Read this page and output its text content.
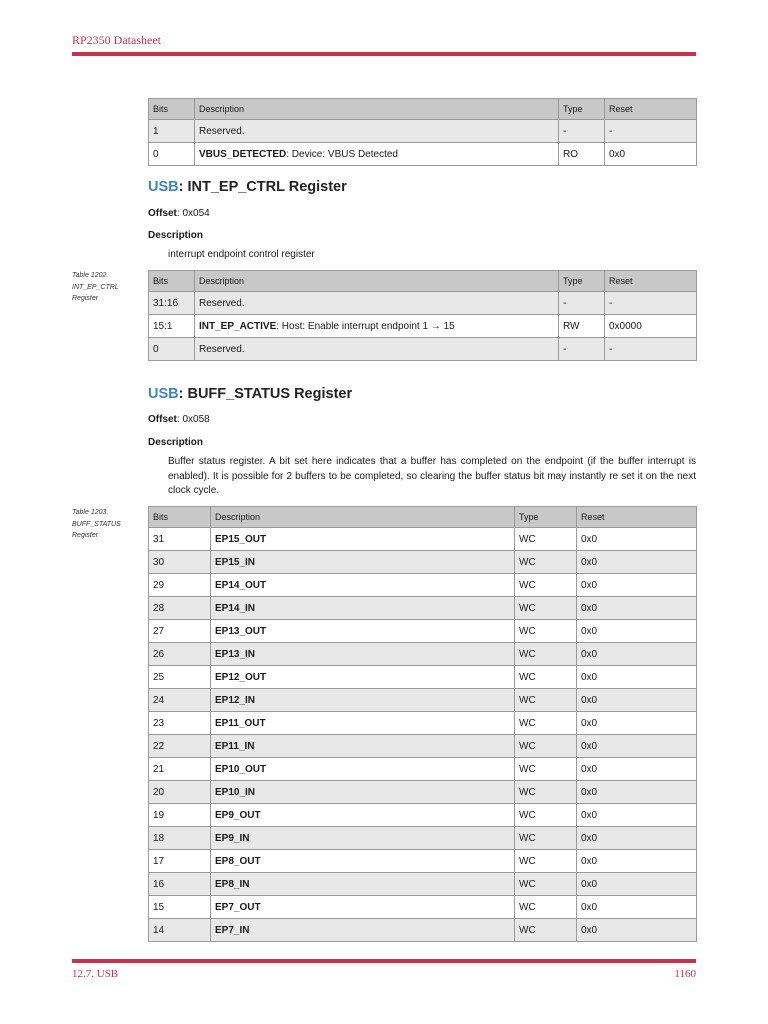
RP2350 Datasheet
Bits	Description	Type	Reset
1	Reserved.	-	-
0	VBUS_DETECTED: Device: VBUS Detected	RO	0x0
USB: INT_EP_CTRL Register
Offset: 0x054
Description
interrupt endpoint control register
Table 1202.
INT_EP_CTRL Register
Bits	Description	Type	Reset
31:16	Reserved.	-	-
15:1	INT_EP_ACTIVE: Host: Enable interrupt endpoint 1 → 15	RW	0x0000
0	Reserved.	-	-
USB: BUFF_STATUS Register
Offset: 0x058
Description
Buffer status register. A bit set here indicates that a buffer has completed on the endpoint (if the buffer interrupt is enabled). It is possible for 2 buffers to be completed, so clearing the buffer status bit may instantly re set it on the next clock cycle.
Table 1203.
BUFF_STATUS
Register
Bits	Description	Type	Reset
31	EP15_OUT	WC	0x0
30	EP15_IN	WC	0x0
29	EP14_OUT	WC	0x0
28	EP14_IN	WC	0x0
27	EP13_OUT	WC	0x0
26	EP13_IN	WC	0x0
25	EP12_OUT	WC	0x0
24	EP12_IN	WC	0x0
23	EP11_OUT	WC	0x0
22	EP11_IN	WC	0x0
21	EP10_OUT	WC	0x0
20	EP10_IN	WC	0x0
19	EP9_OUT	WC	0x0
18	EP9_IN	WC	0x0
17	EP8_OUT	WC	0x0
16	EP8_IN	WC	0x0
15	EP7_OUT	WC	0x0
14	EP7_IN	WC	0x0
12.7. USB	1160
